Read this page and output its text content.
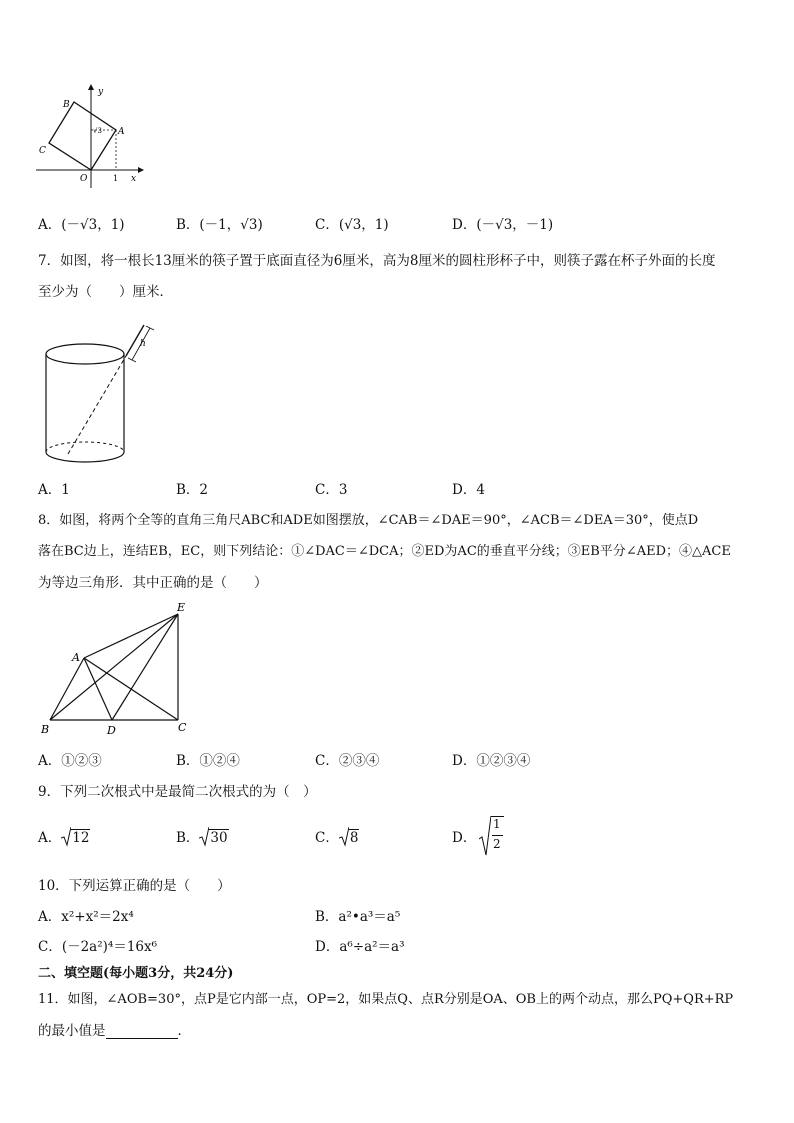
y
x
B
A
C
O	1
√3
A．(－√3，1)	B．(－1，√3)	C．(√3，1)	D．(－√3，－1)
7．如图，将一根长13厘米的筷子置于底面直径为6厘米，高为8厘米的圆柱形杯子中，则筷子露在杯子外面的长度
至少为（　　）厘米．
h
A．1	B．2	C．3	D．4
8．如图，将两个全等的直角三角尺ABC和ADE如图摆放，∠CAB＝∠DAE＝90°，∠ACB＝∠DEA＝30°，使点D
落在BC边上，连结EB，EC，则下列结论：①∠DAC＝∠DCA；②ED为AC的垂直平分线；③EB平分∠AED；④△ACE
为等边三角形．其中正确的是（　　）
E
A
B	D	C
A．①②③	B．①②④	C．②③④	D．①②③④
9．下列二次根式中是最简二次根式的为（　）
A． 12	B． 30	C． 8	D．
1
2
10．下列运算正确的是（　　）
A．x²+x²＝2x⁴	B．a²•a³＝a⁵
C．(－2a²)⁴＝16x⁶	D．a⁶÷a²＝a³
二、填空题(每小题3分，共24分)
11．如图，∠AOB=30°，点P是它内部一点，OP=2，如果点Q、点R分别是OA、OB上的两个动点，那么PQ+QR+RP
的最小值是	．
